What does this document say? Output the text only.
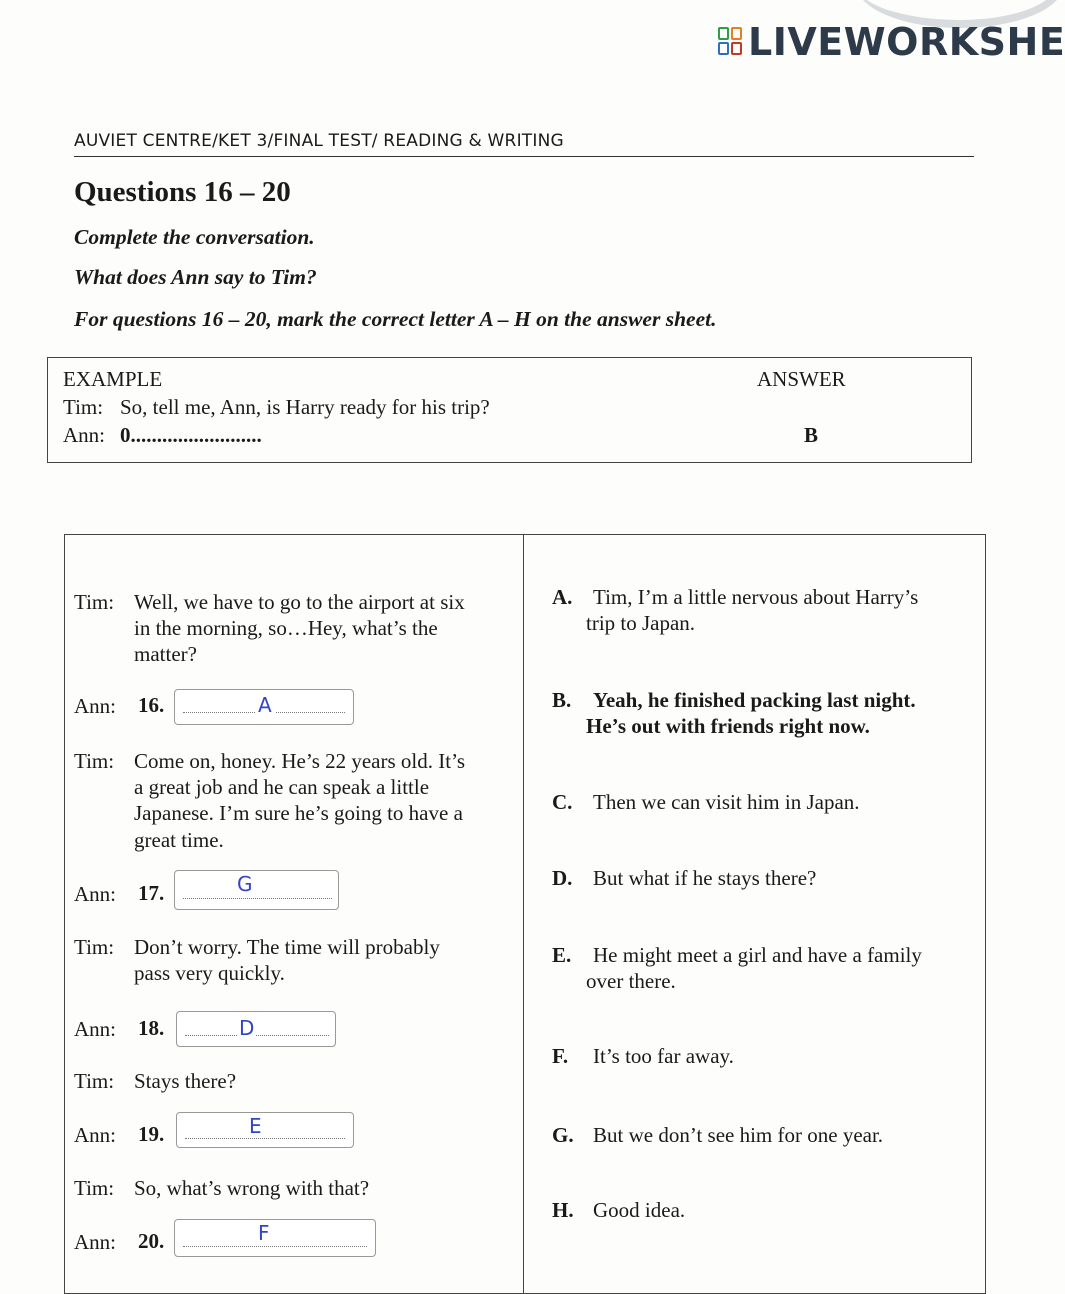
LIVEWORKSHE
AUVIET CENTRE/KET 3/FINAL TEST/ READING & WRITING
Questions 16 – 20
Complete the conversation.
What does Ann say to Tim?
For questions 16 – 20, mark the correct letter A – H on the answer sheet.
EXAMPLE	ANSWER
Tim: So, tell me, Ann, is Harry ready for his trip?
Ann: 0.........................	B
Tim: Well, we have to go to the airport at six
in the morning, so…Hey, what’s the
matter?
Ann:	16.	A
Tim: Come on, honey. He’s 22 years old. It’s
a great job and he can speak a little
Japanese. I’m sure he’s going to have a
great time.
Ann:	17.	G
Tim: Don’t worry. The time will probably
pass very quickly.
Ann:	18.	D
Tim: Stays there?
Ann:	19.	E
Tim: So, what’s wrong with that?
Ann:	20.	F
A. Tim, I’m a little nervous about Harry’s
trip to Japan.
B. Yeah, he finished packing last night.
He’s out with friends right now.
C. Then we can visit him in Japan.
D. But what if he stays there?
E. He might meet a girl and have a family
over there.
F. It’s too far away.
G. But we don’t see him for one year.
H. Good idea.
